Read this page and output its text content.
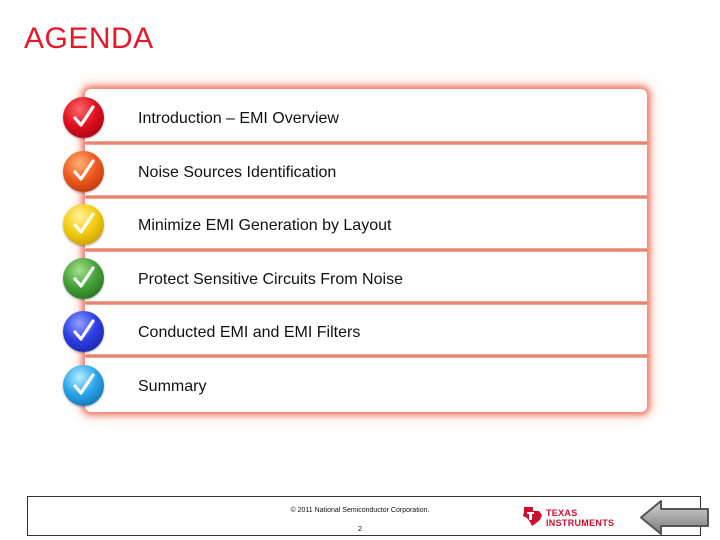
AGENDA
Introduction – EMI Overview
Noise Sources Identification
Minimize EMI Generation by Layout
Protect Sensitive Circuits From Noise
Conducted EMI and EMI Filters
Summary
© 2011 National Semiconductor Corporation.
2
TEXAS
INSTRUMENTS
